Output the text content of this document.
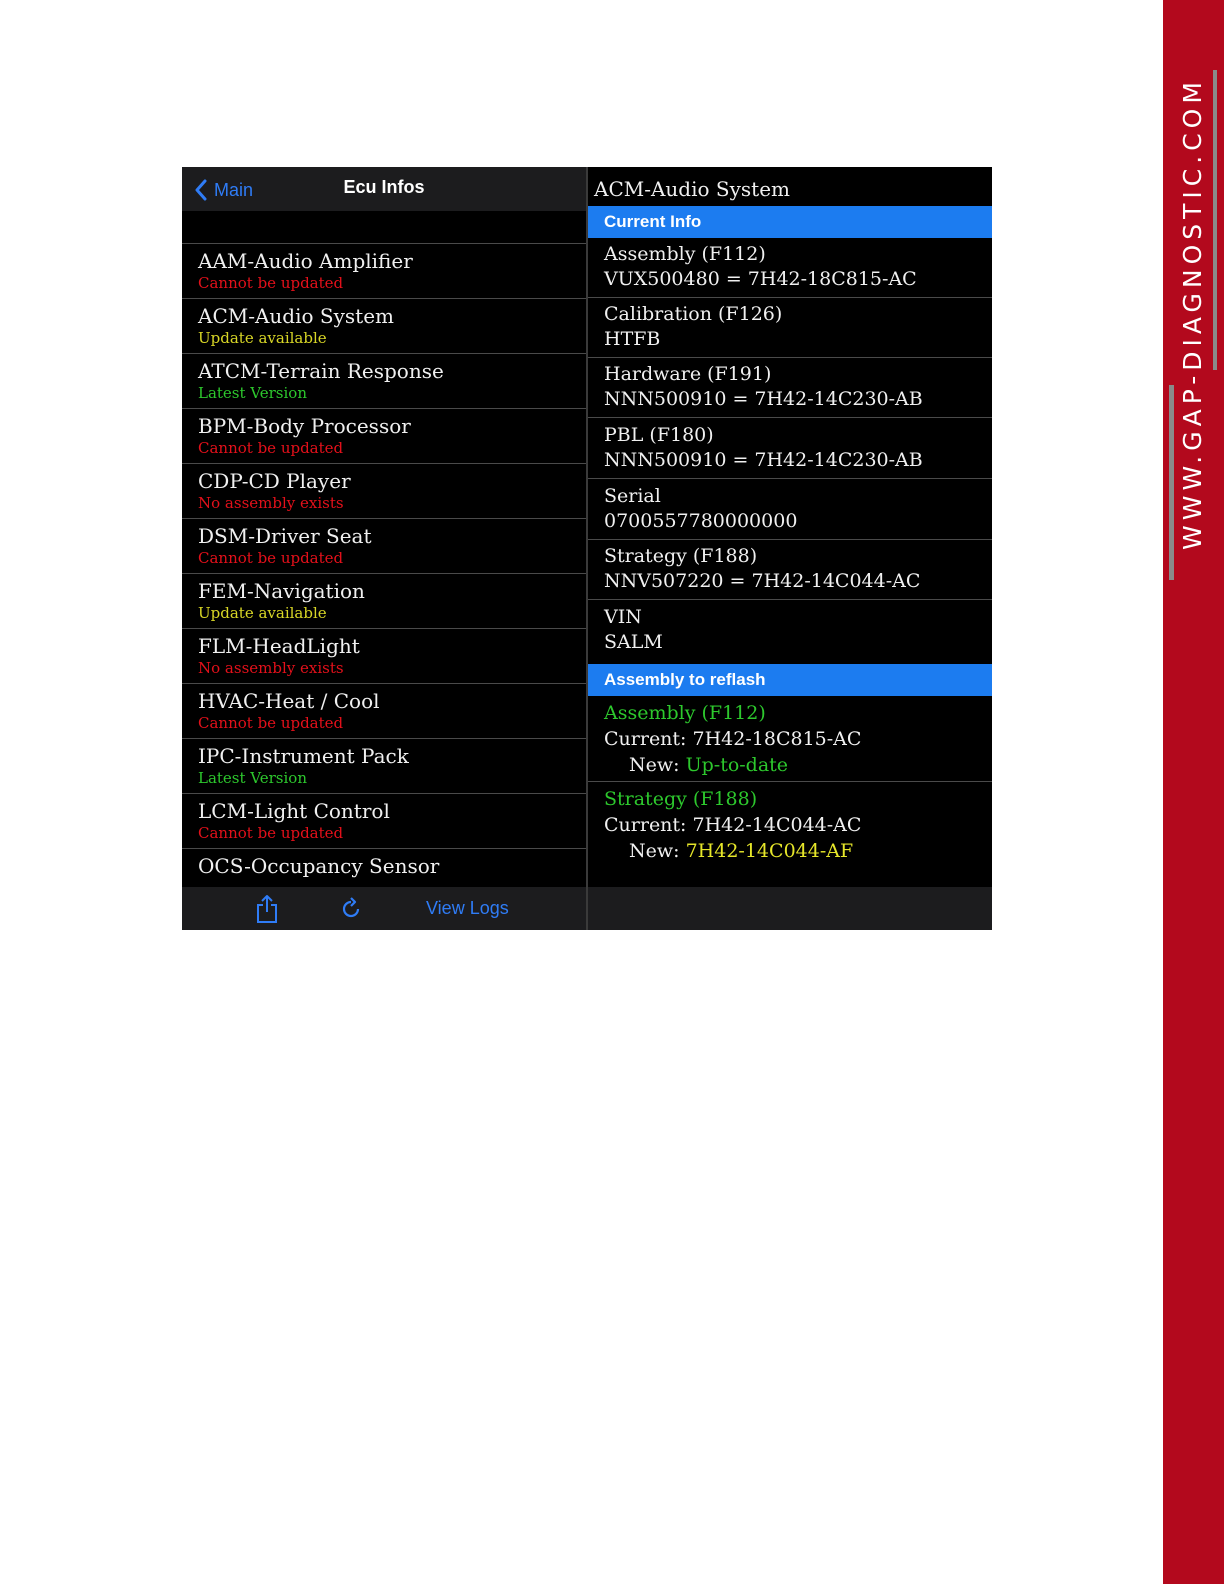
WWW.GAP-DIAGNOSTIC.COM
Main	Ecu Infos
AAM-Audio Amplifier
Cannot be updated
ACM-Audio System
Update available
ATCM-Terrain Response
Latest Version
BPM-Body Processor
Cannot be updated
CDP-CD Player
No assembly exists
DSM-Driver Seat
Cannot be updated
FEM-Navigation
Update available
FLM-HeadLight
No assembly exists
HVAC-Heat / Cool
Cannot be updated
IPC-Instrument Pack
Latest Version
LCM-Light Control
Cannot be updated
OCS-Occupancy Sensor
View Logs
ACM-Audio System
Current Info
Assembly (F112)
VUX500480 = 7H42-18C815-AC
Calibration (F126)
HTFB
Hardware (F191)
NNN500910 = 7H42-14C230-AB
PBL (F180)
NNN500910 = 7H42-14C230-AB
Serial
0700557780000000
Strategy (F188)
NNV507220 = 7H42-14C044-AC
VIN
SALM
Assembly to reflash
Assembly (F112)
Current: 7H42-18C815-AC
New: Up-to-date
Strategy (F188)
Current: 7H42-14C044-AC
New: 7H42-14C044-AF
